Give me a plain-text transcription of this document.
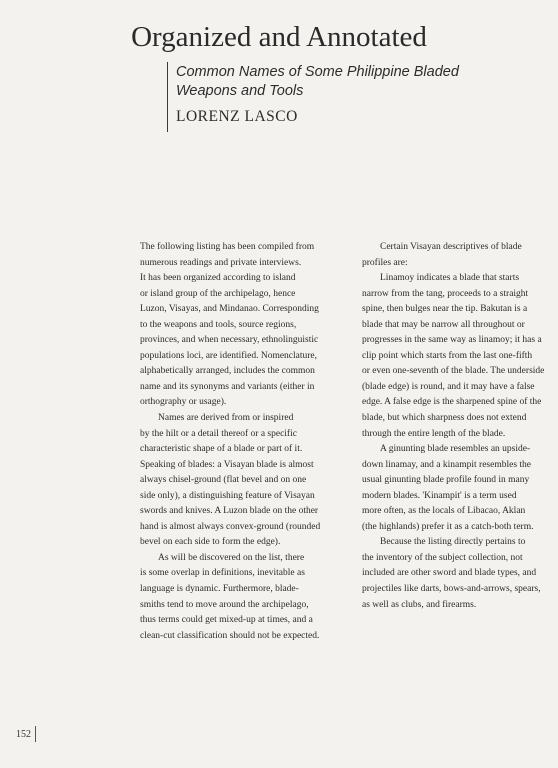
Organized and Annotated
Common Names of Some Philippine Bladed
Weapons and Tools
LORENZ LASCO

The following listing has been compiled from
numerous readings and private interviews.
It has been organized according to island
or island group of the archipelago, hence
Luzon, Visayas, and Mindanao. Corresponding
to the weapons and tools, source regions,
provinces, and when necessary, ethnolinguistic
populations loci, are identified. Nomenclature,
alphabetically arranged, includes the common
name and its synonyms and variants (either in
orthography or usage).

Names are derived from or inspired
by the hilt or a detail thereof or a specific
characteristic shape of a blade or part of it.
Speaking of blades: a Visayan blade is almost
always chisel-ground (flat bevel and on one
side only), a distinguishing feature of Visayan
swords and knives. A Luzon blade on the other
hand is almost always convex-ground (rounded
bevel on each side to form the edge).

As will be discovered on the list, there
is some overlap in definitions, inevitable as
language is dynamic. Furthermore, blade-
smiths tend to move around the archipelago,
thus terms could get mixed-up at times, and a
clean-cut classification should not be expected.

Certain Visayan descriptives of blade
profiles are:

Linamoy indicates a blade that starts
narrow from the tang, proceeds to a straight
spine, then bulges near the tip. Bakutan is a
blade that may be narrow all throughout or
progresses in the same way as linamoy; it has a
clip point which starts from the last one-fifth
or even one-seventh of the blade. The underside
(blade edge) is round, and it may have a false
edge. A false edge is the sharpened spine of the
blade, but which sharpness does not extend
through the entire length of the blade.

A ginunting blade resembles an upside-
down linamay, and a kinampit resembles the
usual ginunting blade profile found in many
modern blades. 'Kinampit' is a term used
more often, as the locals of Libacao, Aklan
(the highlands) prefer it as a catch-both term.

Because the listing directly pertains to
the inventory of the subject collection, not
included are other sword and blade types, and
projectiles like darts, bows-and-arrows, spears,
as well as clubs, and firearms.

152
